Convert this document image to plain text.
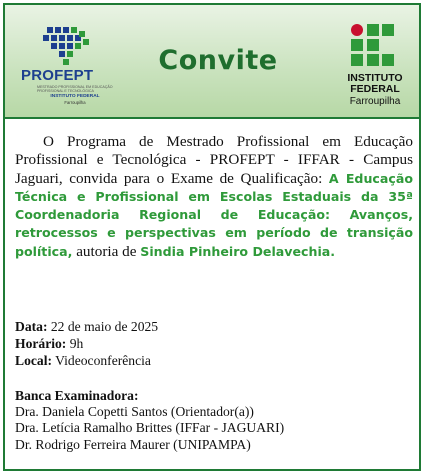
PROFEPT
MESTRADO PROFISSIONAL EM EDUCAÇÃO PROFISSIONAL E TECNOLÓGICA
INSTITUTO FEDERAL
Farroupilha
Convite
INSTITUTO FEDERAL
Farroupilha

O Programa de Mestrado Profissional em Educação Profissional e Tecnológica - PROFEPT - IFFAR - Campus Jaguari, convida para o Exame de Qualificação: A Educação Técnica e Profissional em Escolas Estaduais da 35ª Coordenadoria Regional de Educação: Avanços, retrocessos e perspectivas em período de transição política, autoria de Sindia Pinheiro Delavechia.

Data: 22 de maio de 2025
Horário: 9h
Local: Videoconferência
Banca Examinadora:
Dra. Daniela Copetti Santos (Orientador(a))
Dra. Letícia Ramalho Brittes (IFFar - JAGUARI)
Dr. Rodrigo Ferreira Maurer (UNIPAMPA)
